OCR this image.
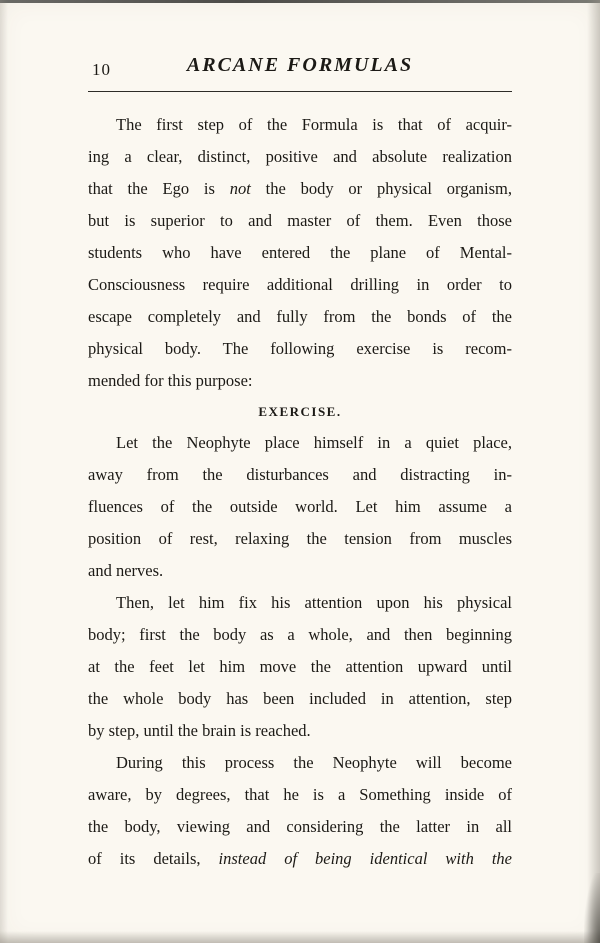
10	ARCANE FORMULAS
The first step of the Formula is that of acquir-
ing a clear, distinct, positive and absolute realization
that the Ego is not the body or physical organism,
but is superior to and master of them. Even those
students who have entered the plane of Mental-
Consciousness require additional drilling in order to
escape completely and fully from the bonds of the
physical body. The following exercise is recom-
mended for this purpose:
EXERCISE.
Let the Neophyte place himself in a quiet place,
away from the disturbances and distracting in-
fluences of the outside world. Let him assume a
position of rest, relaxing the tension from muscles
and nerves.
Then, let him fix his attention upon his physical
body; first the body as a whole, and then beginning
at the feet let him move the attention upward until
the whole body has been included in attention, step
by step, until the brain is reached.
During this process the Neophyte will become
aware, by degrees, that he is a Something inside of
the body, viewing and considering the latter in all
of its details, instead of being identical with the
